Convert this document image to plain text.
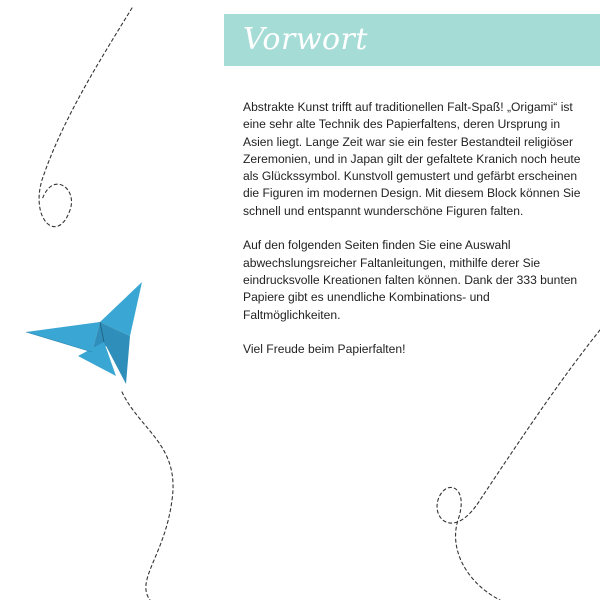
Vorwort

Abstrakte Kunst trifft auf traditionellen Falt-Spaß! „Origami“ ist eine sehr alte Technik des Papierfaltens, deren Ursprung in Asien liegt. Lange Zeit war sie ein fester Bestandteil religiöser Zeremonien, und in Japan gilt der gefaltete Kranich noch heute als Glückssymbol. Kunstvoll gemustert und gefärbt erscheinen die Figuren im modernen Design. Mit diesem Block können Sie schnell und entspannt wunderschöne Figuren falten.

Auf den folgenden Seiten finden Sie eine Auswahl abwechslungsreicher Faltanleitungen, mithilfe derer Sie eindrucksvolle Kreationen falten können. Dank der 333 bunten Papiere gibt es unendliche Kombinations- und Faltmöglichkeiten.

Viel Freude beim Papierfalten!
